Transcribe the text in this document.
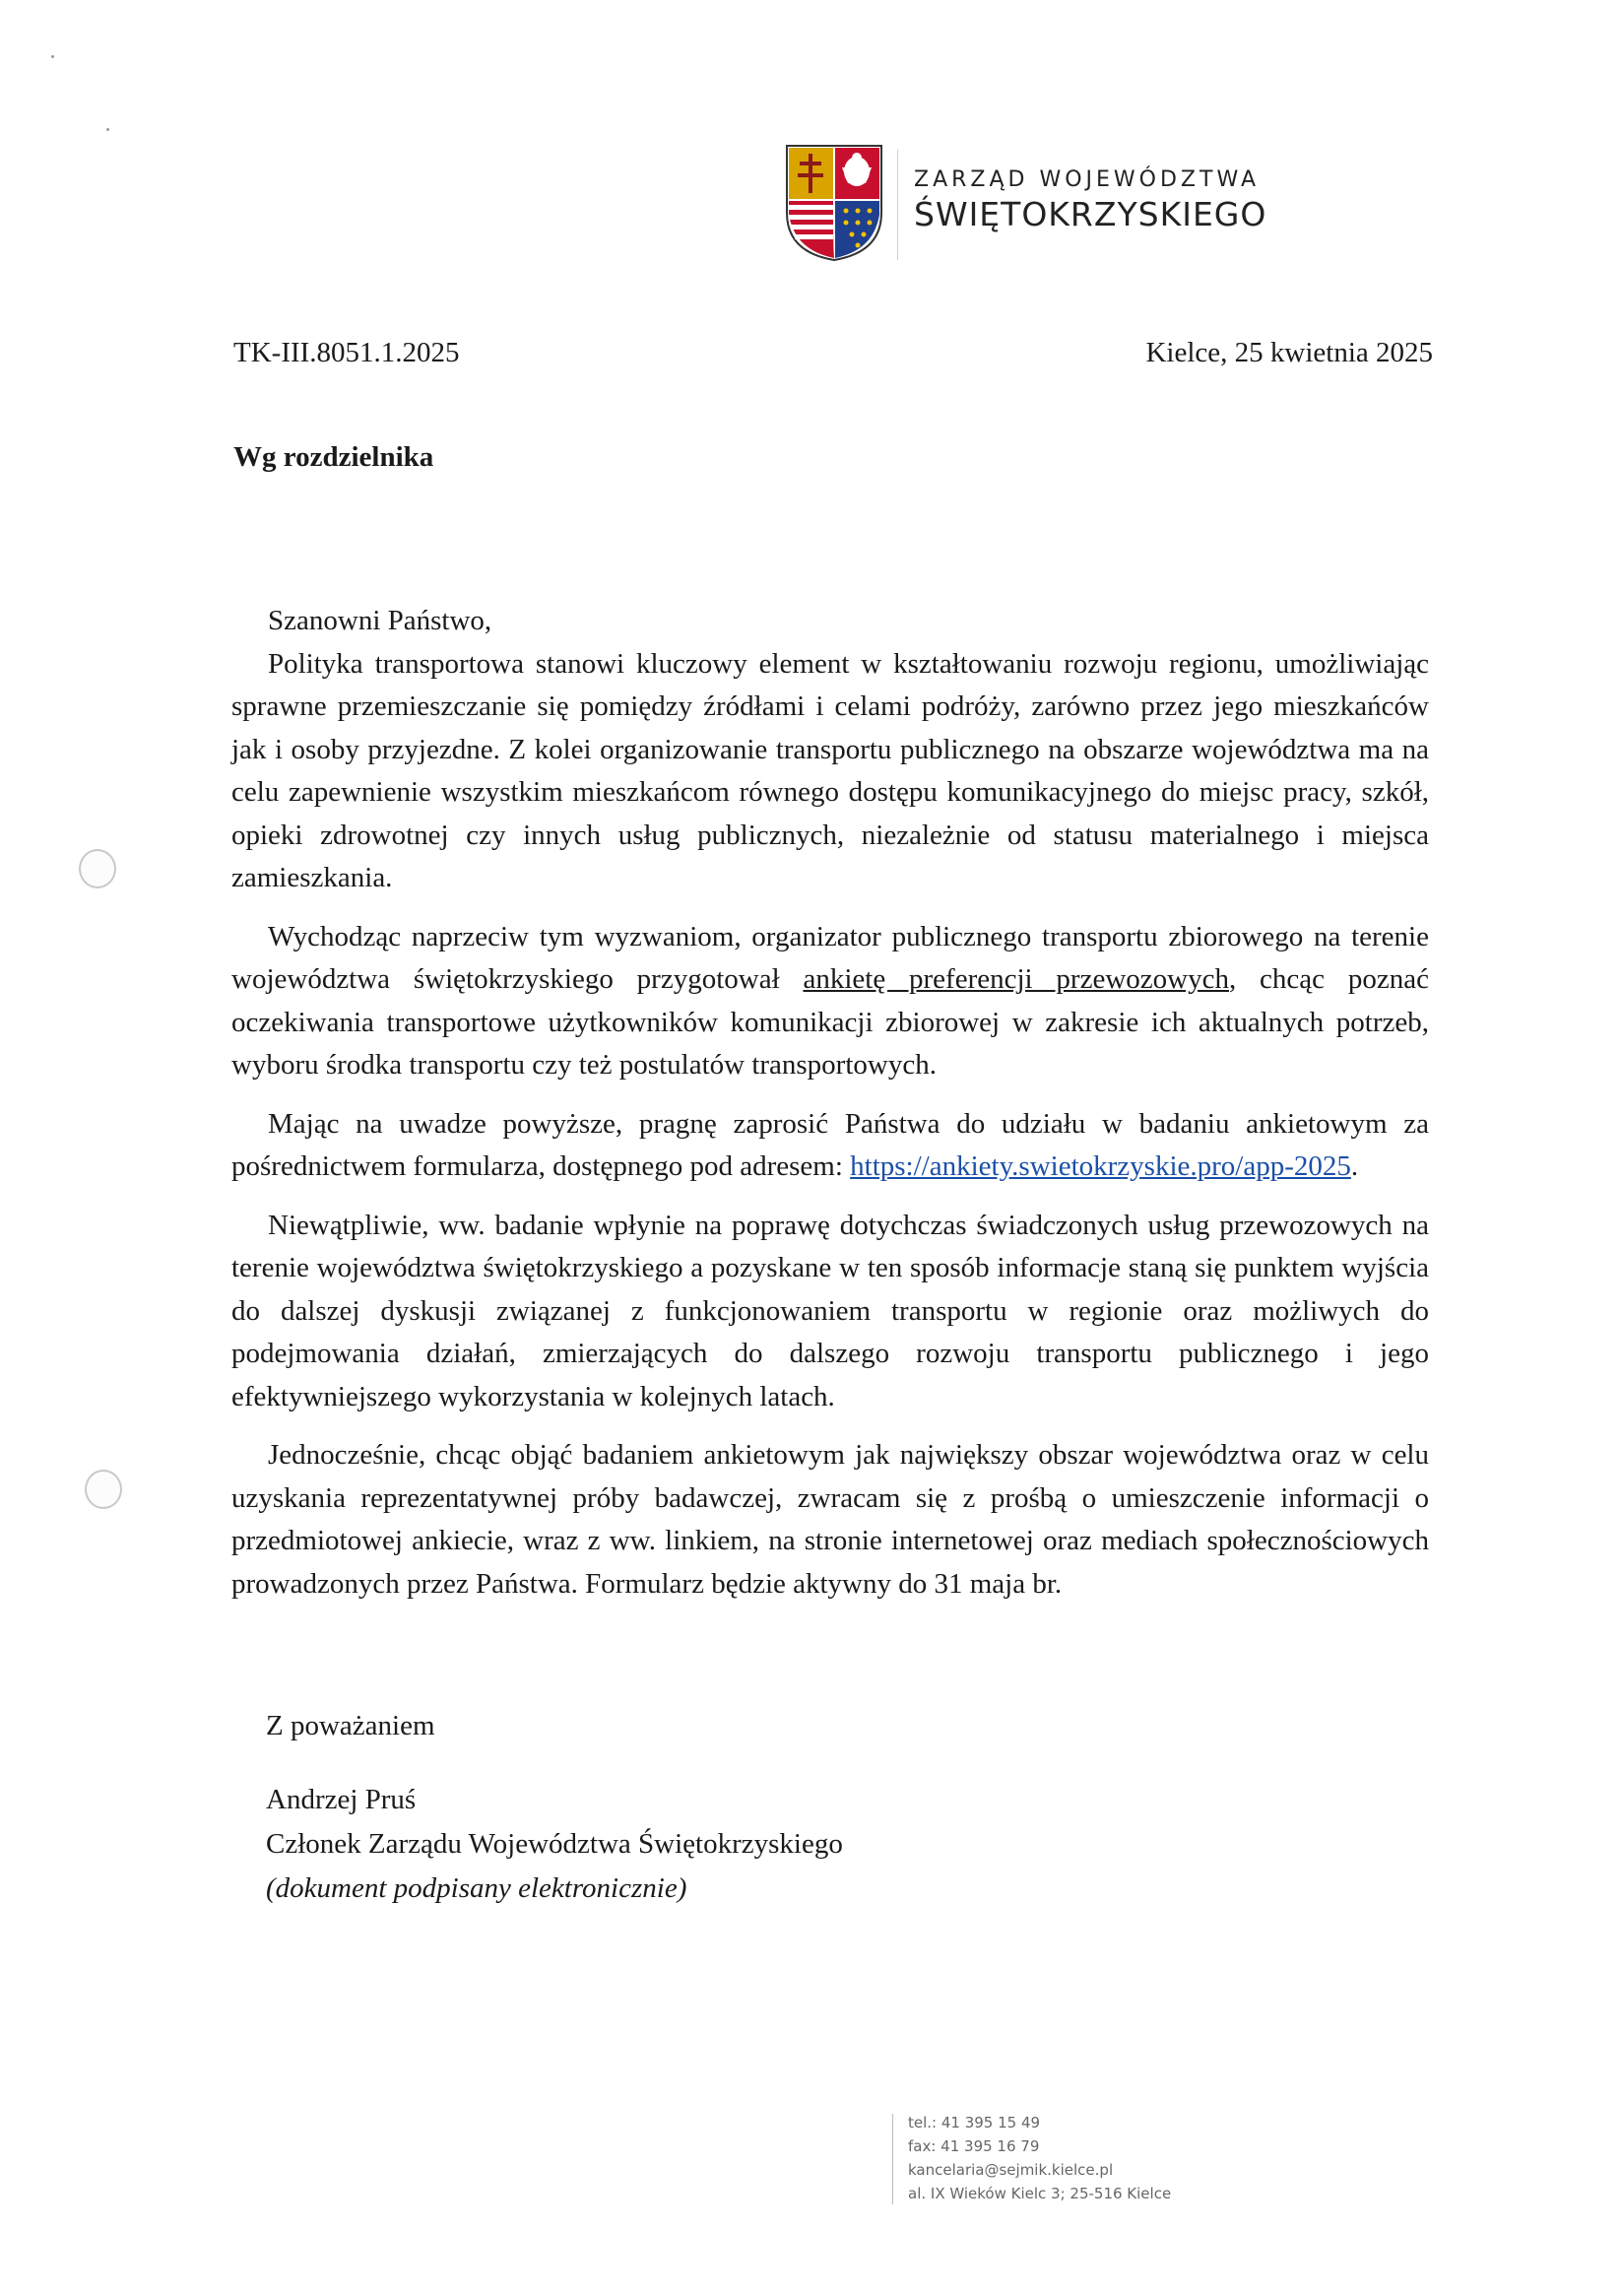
ZARZĄD WOJEWÓDZTWA
ŚWIĘTOKRZYSKIEGO
TK-III.8051.1.2025	Kielce, 25 kwietnia 2025
Wg rozdzielnika

Szanowni Państwo,

Polityka transportowa stanowi kluczowy element w kształtowaniu rozwoju regionu, umożliwiając sprawne przemieszczanie się pomiędzy źródłami i celami podróży, zarówno przez jego mieszkańców jak i osoby przyjezdne. Z kolei organizowanie transportu publicznego na obszarze województwa ma na celu zapewnienie wszystkim mieszkańcom równego dostępu komunikacyjnego do miejsc pracy, szkół, opieki zdrowotnej czy innych usług publicznych, niezależnie od statusu materialnego i miejsca zamieszkania.

Wychodząc naprzeciw tym wyzwaniom, organizator publicznego transportu zbiorowego na terenie województwa świętokrzyskiego przygotował ankietę preferencji przewozowych, chcąc poznać oczekiwania transportowe użytkowników komunikacji zbiorowej w zakresie ich aktualnych potrzeb, wyboru środka transportu czy też postulatów transportowych.

Mając na uwadze powyższe, pragnę zaprosić Państwa do udziału w badaniu ankietowym za pośrednictwem formularza, dostępnego pod adresem: https://ankiety.swietokrzyskie.pro/app-2025.

Niewątpliwie, ww. badanie wpłynie na poprawę dotychczas świadczonych usług przewozowych na terenie województwa świętokrzyskiego a pozyskane w ten sposób informacje staną się punktem wyjścia do dalszej dyskusji związanej z funkcjonowaniem transportu w regionie oraz możliwych do podejmowania działań, zmierzających do dalszego rozwoju transportu publicznego i jego efektywniejszego wykorzystania w kolejnych latach.

Jednocześnie, chcąc objąć badaniem ankietowym jak największy obszar województwa oraz w celu uzyskania reprezentatywnej próby badawczej, zwracam się z prośbą o umieszczenie informacji o przedmiotowej ankiecie, wraz z ww. linkiem, na stronie internetowej oraz mediach społecznościowych prowadzonych przez Państwa. Formularz będzie aktywny do 31 maja br.

Z poważaniem
Andrzej Pruś
Członek Zarządu Województwa Świętokrzyskiego
(dokument podpisany elektronicznie)
tel.: 41 395 15 49
fax: 41 395 16 79
kancelaria@sejmik.kielce.pl
al. IX Wieków Kielc 3; 25-516 Kielce
